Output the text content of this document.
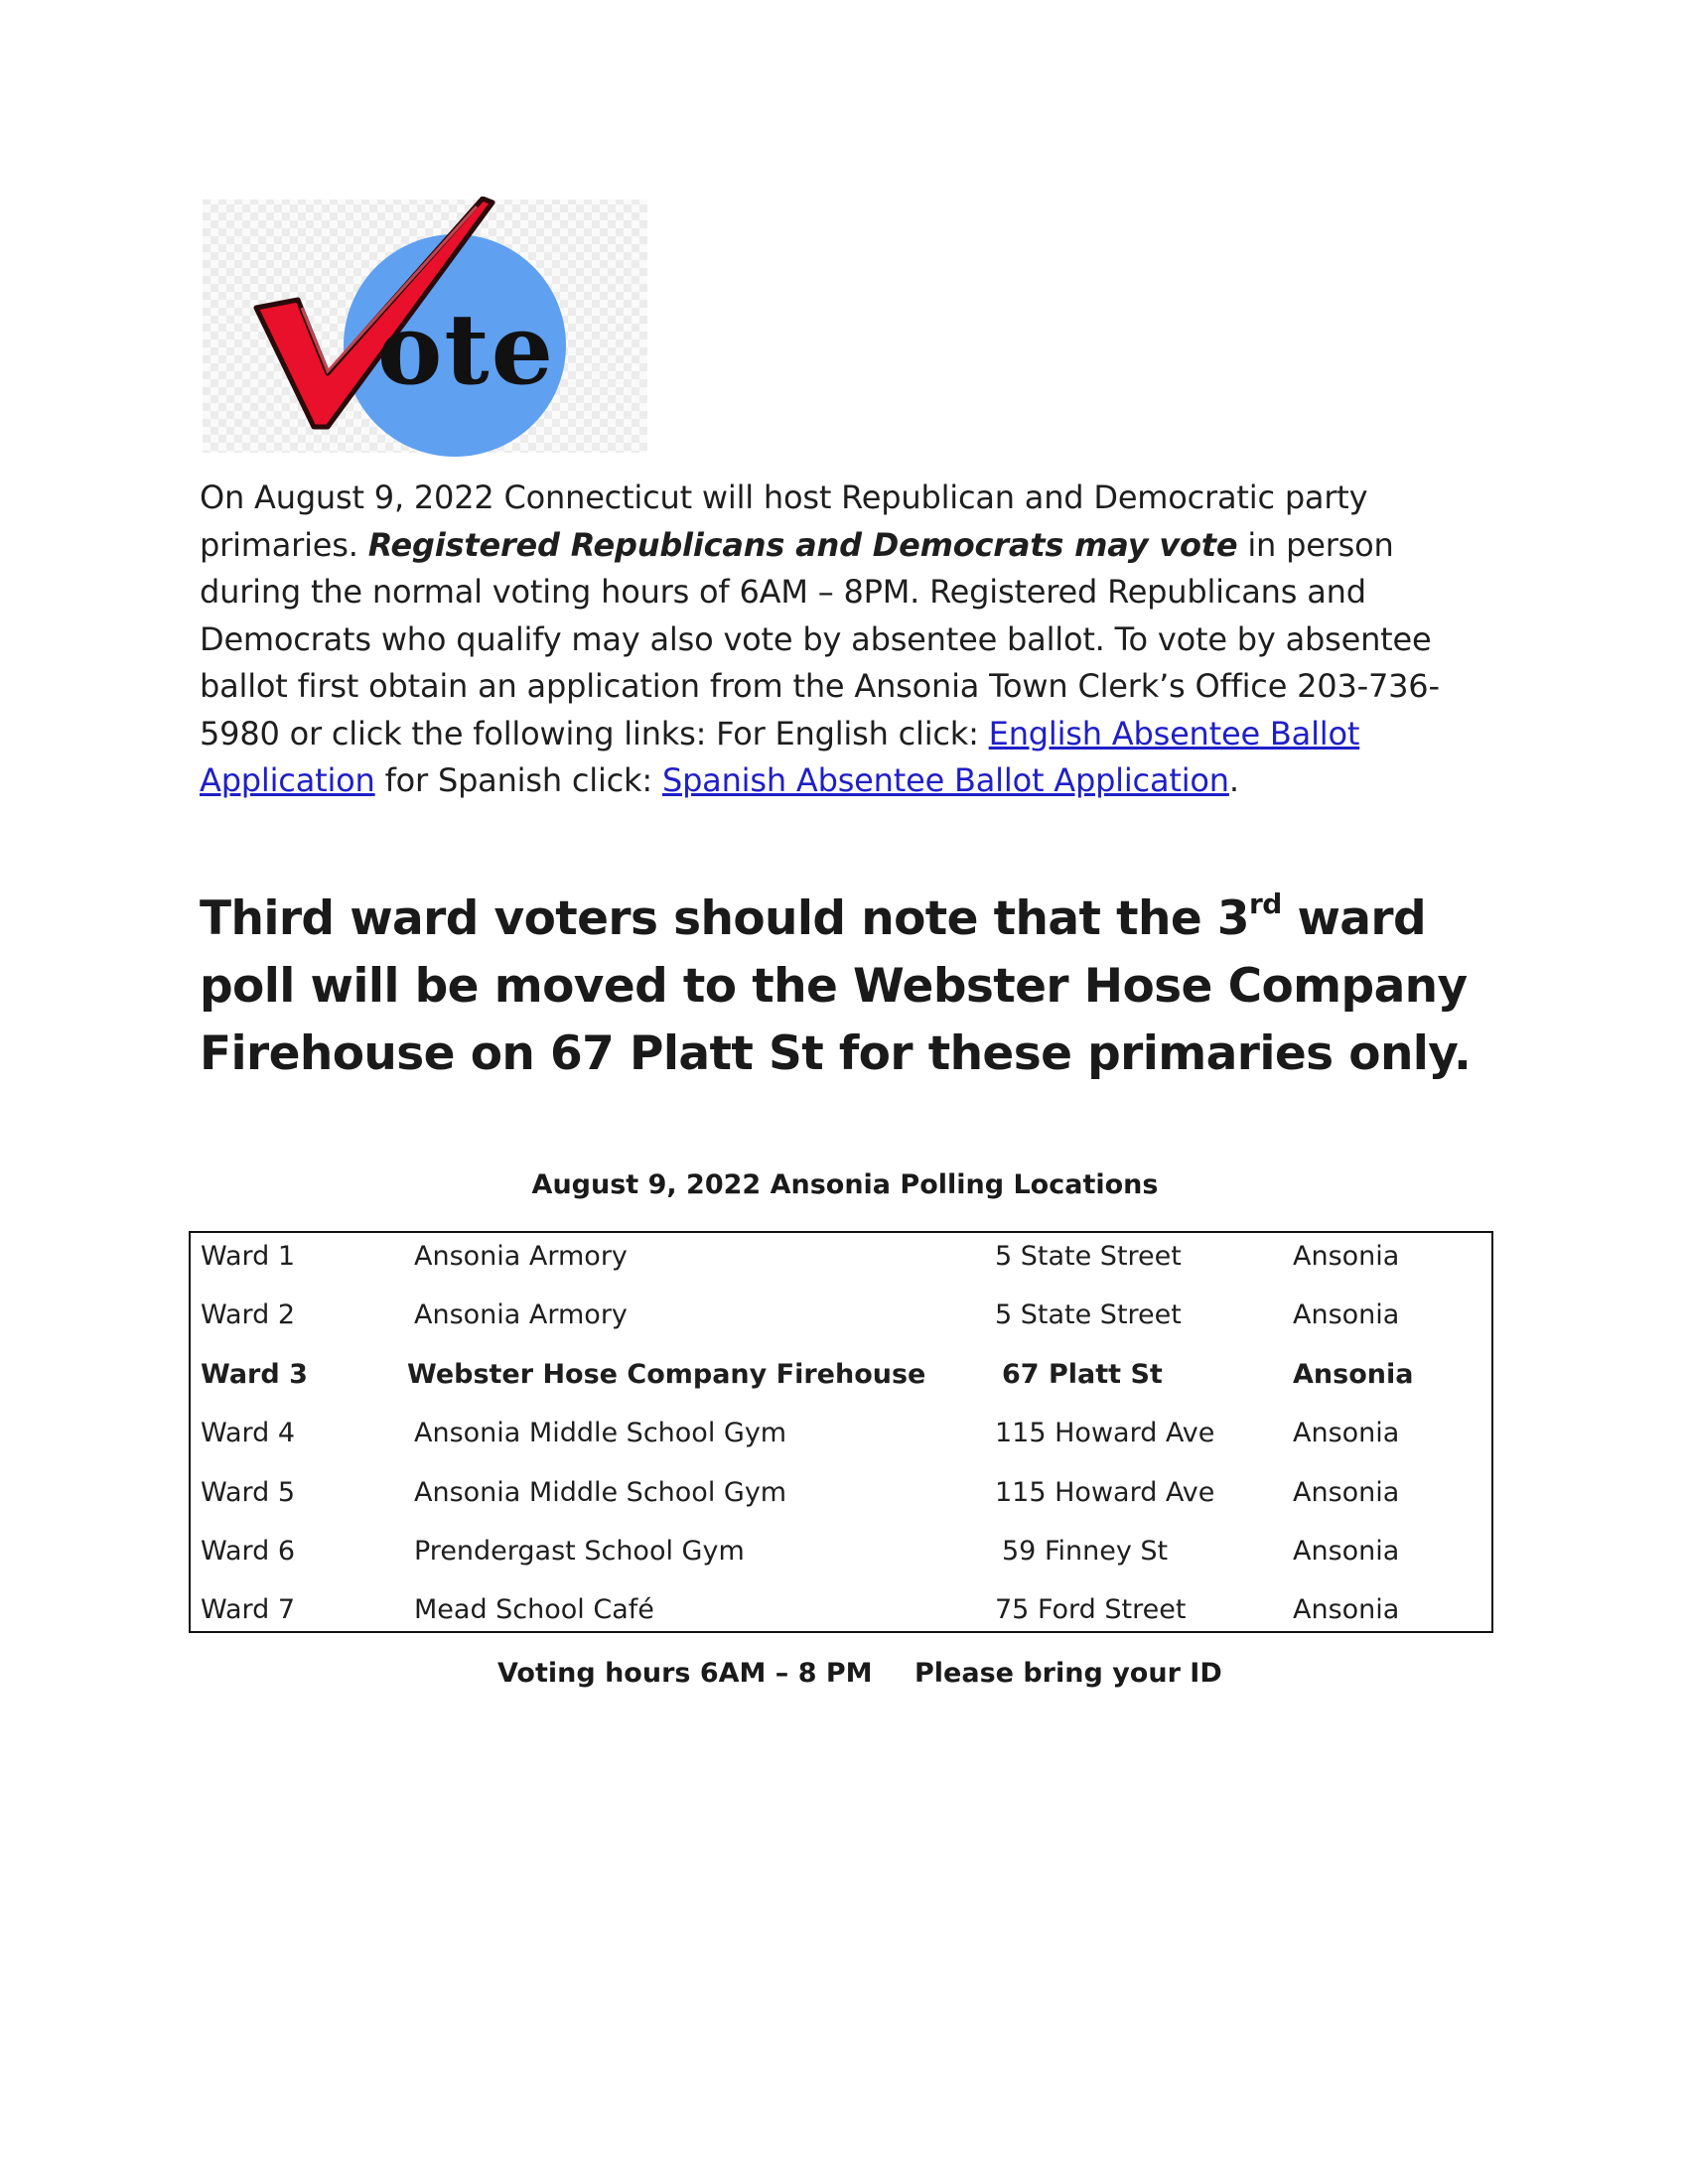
ote
On August 9, 2022 Connecticut will host Republican and Democratic party primaries. Registered Republicans and Democrats may vote in person during the normal voting hours of 6AM – 8PM. Registered Republicans and Democrats who qualify may also vote by absentee ballot. To vote by absentee ballot first obtain an application from the Ansonia Town Clerk’s Office 203-736-5980 or click the following links: For English click: English Absentee Ballot Application for Spanish click: Spanish Absentee Ballot Application.
Third ward voters should note that the 3rd ward poll will be moved to the Webster Hose Company Firehouse on 67 Platt St for these primaries only.
August 9, 2022 Ansonia Polling Locations
Ward 1	Ansonia Armory	5 State Street	Ansonia
Ward 2	Ansonia Armory	5 State Street	Ansonia
Ward 3	Webster Hose Company Firehouse	67 Platt St	Ansonia
Ward 4	Ansonia Middle School Gym	115 Howard Ave	Ansonia
Ward 5	Ansonia Middle School Gym	115 Howard Ave	Ansonia
Ward 6	Prendergast School Gym	59 Finney St	Ansonia
Ward 7	Mead School Café	75 Ford Street	Ansonia
Voting hours 6AM – 8 PM Please bring your ID
